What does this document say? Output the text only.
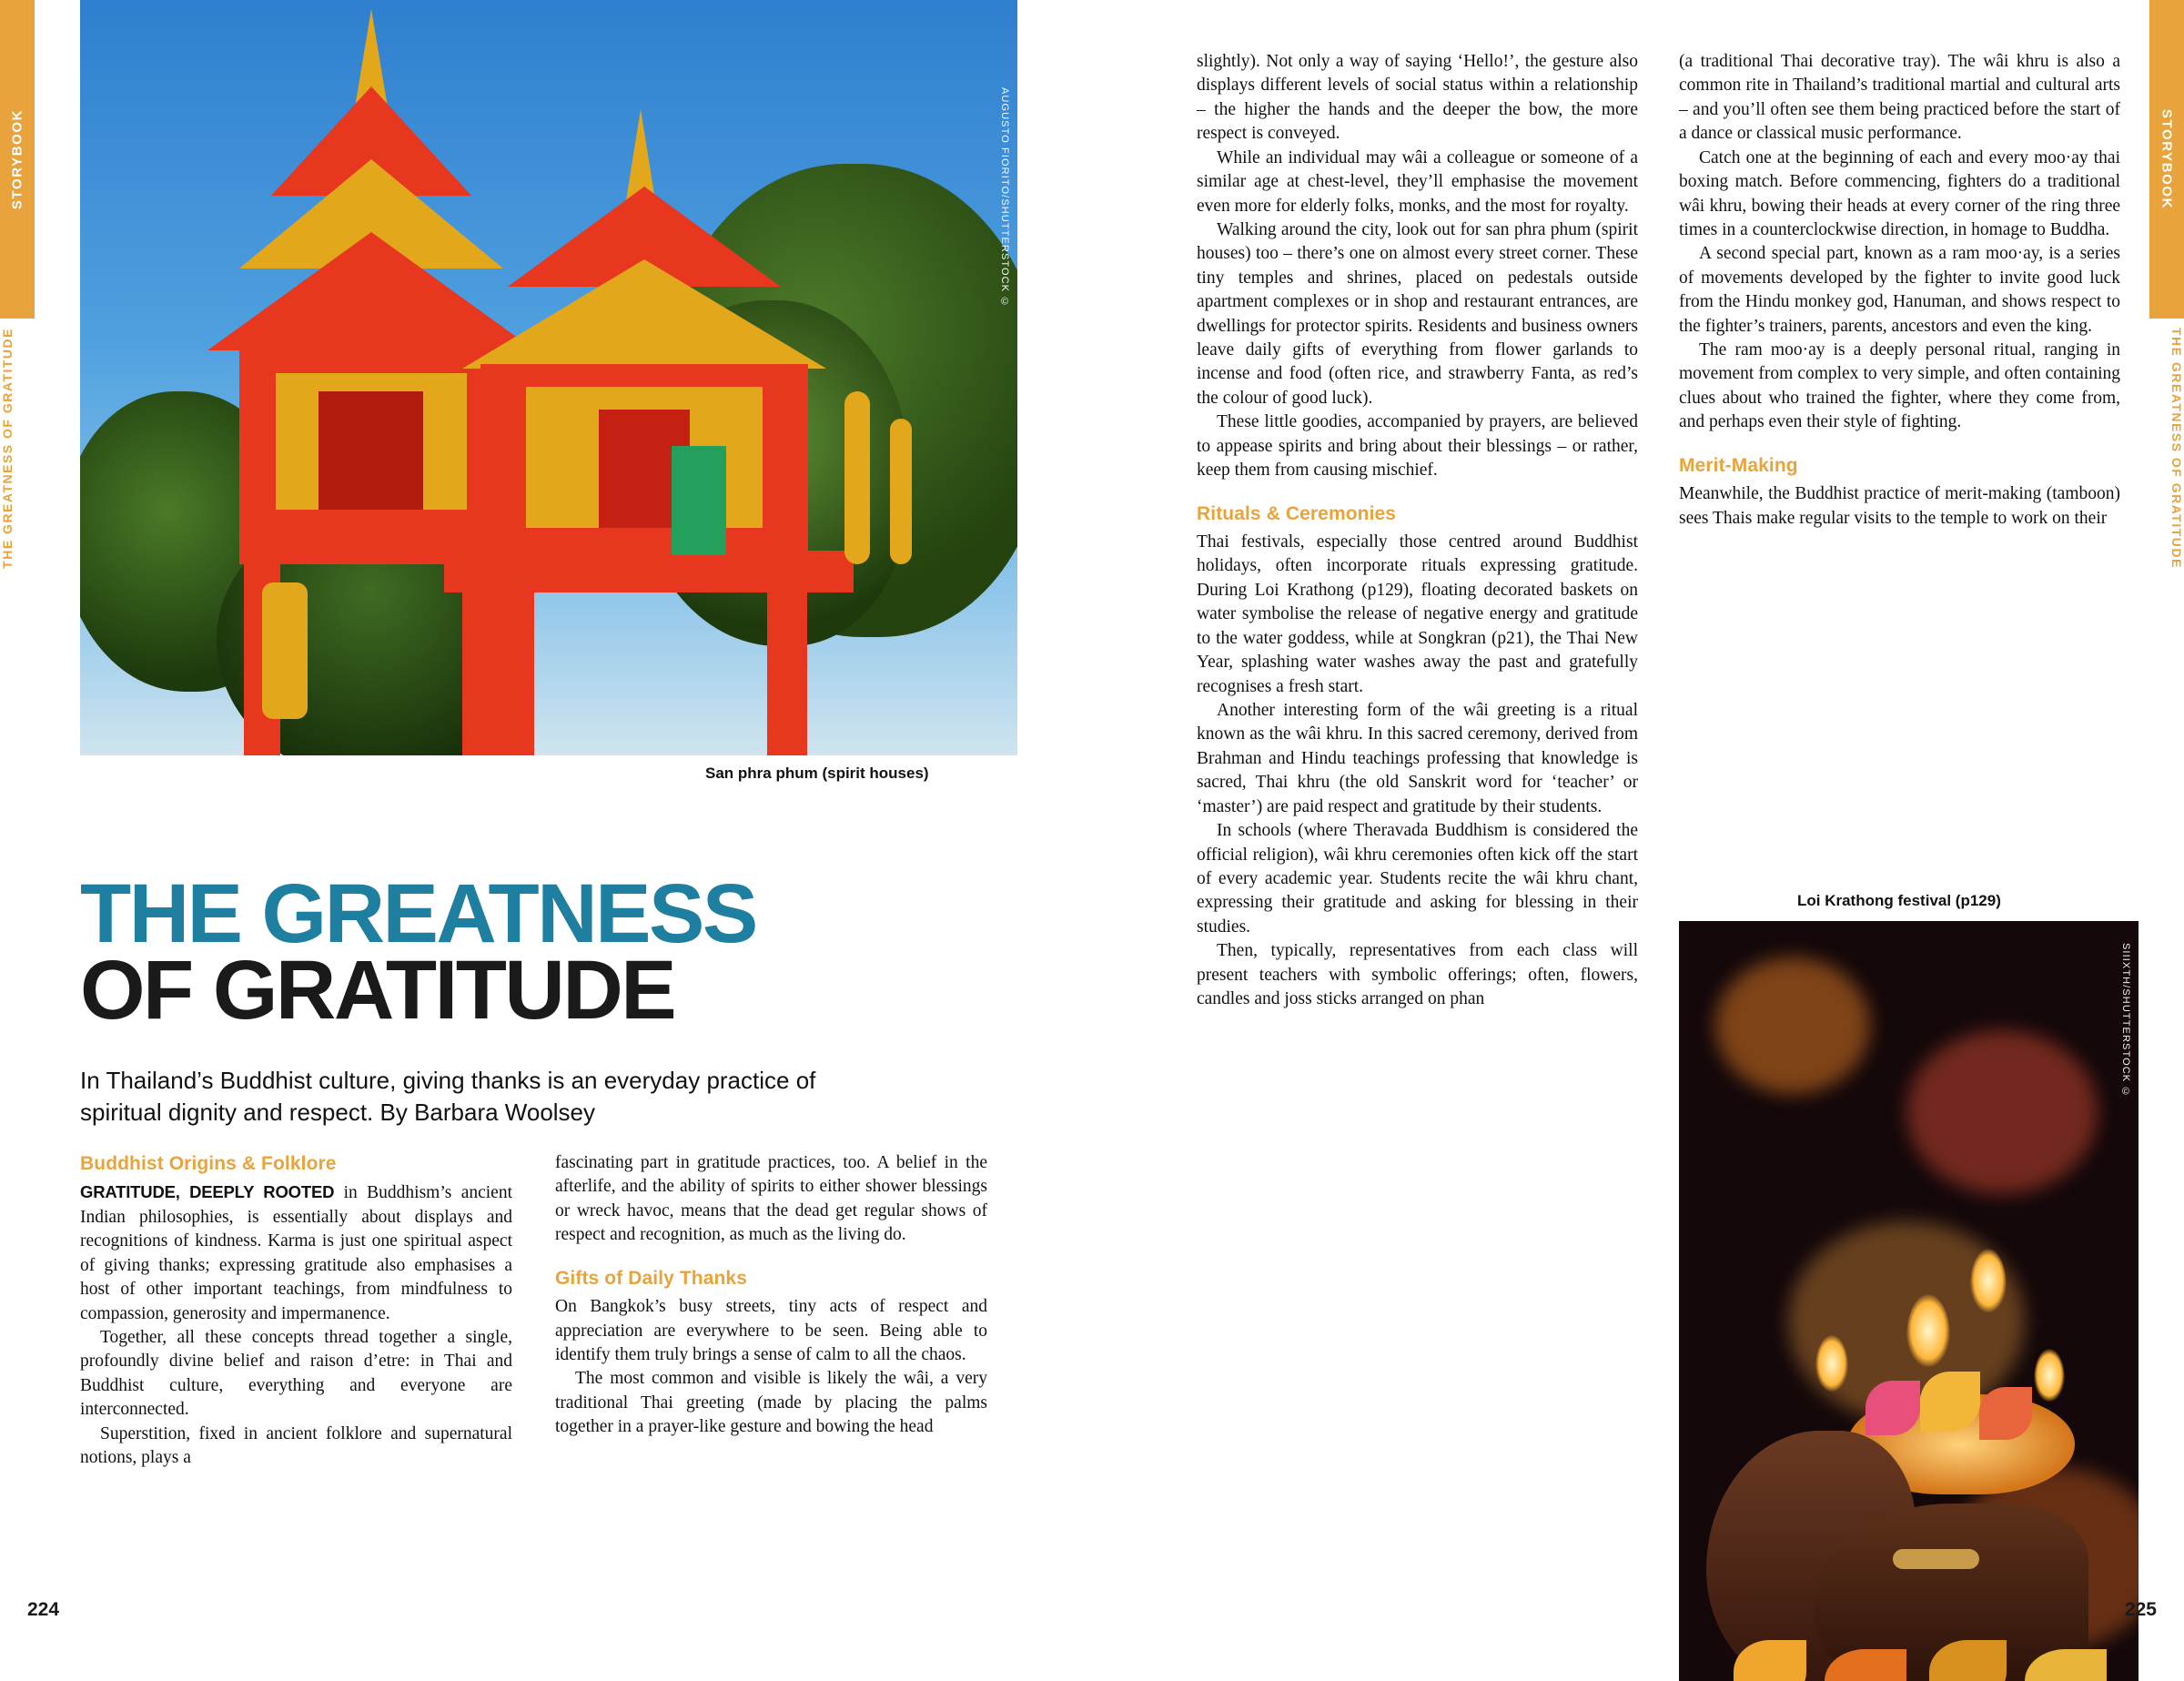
STORYBOOK
THE GREATNESS OF GRATITUDE
AUGUSTO FIORITO/SHUTTERSTOCK ©
San phra phum (spirit houses)
THE GREATNESS
OF GRATITUDE
In Thailand’s Buddhist culture, giving thanks is an everyday practice of spiritual dignity and respect. By Barbara Woolsey
Buddhist Origins & Folklore

GRATITUDE, DEEPLY ROOTED in Buddhism’s ancient Indian philosophies, is essentially about displays and recognitions of kindness. Karma is just one spiritual aspect of giving thanks; expressing gratitude also emphasises a host of other important teachings, from mindfulness to compassion, generosity and impermanence.

Together, all these concepts thread together a single, profoundly divine belief and raison d’etre: in Thai and Buddhist culture, everything and everyone are interconnected.

Superstition, fixed in ancient folklore and supernatural notions, plays a

fascinating part in gratitude practices, too. A belief in the afterlife, and the ability of spirits to either shower blessings or wreck havoc, means that the dead get regular shows of respect and recognition, as much as the living do.

Gifts of Daily Thanks

On Bangkok’s busy streets, tiny acts of respect and appreciation are everywhere to be seen. Being able to identify them truly brings a sense of calm to all the chaos.

The most common and visible is likely the wâi, a very traditional Thai greeting (made by placing the palms together in a prayer-like gesture and bowing the head

224
STORYBOOK
THE GREATNESS OF GRATITUDE

slightly). Not only a way of saying ‘Hello!’, the gesture also displays different levels of social status within a relationship – the higher the hands and the deeper the bow, the more respect is conveyed.

While an individual may wâi a colleague or someone of a similar age at chest-level, they’ll emphasise the movement even more for elderly folks, monks, and the most for royalty.

Walking around the city, look out for san phra phum (spirit houses) too – there’s one on almost every street corner. These tiny temples and shrines, placed on pedestals outside apartment complexes or in shop and restaurant entrances, are dwellings for protector spirits. Residents and business owners leave daily gifts of everything from flower garlands to incense and food (often rice, and strawberry Fanta, as red’s the colour of good luck).

These little goodies, accompanied by prayers, are believed to appease spirits and bring about their blessings – or rather, keep them from causing mischief.

Rituals & Ceremonies

Thai festivals, especially those centred around Buddhist holidays, often incorporate rituals expressing gratitude. During Loi Krathong (p129), floating decorated baskets on water symbolise the release of negative energy and gratitude to the water goddess, while at Songkran (p21), the Thai New Year, splashing water washes away the past and gratefully recognises a fresh start.

Another interesting form of the wâi greeting is a ritual known as the wâi khru. In this sacred ceremony, derived from Brahman and Hindu teachings professing that knowledge is sacred, Thai khru (the old Sanskrit word for ‘teacher’ or ‘master’) are paid respect and gratitude by their students.

In schools (where Theravada Buddhism is considered the official religion), wâi khru ceremonies often kick off the start of every academic year. Students recite the wâi khru chant, expressing their gratitude and asking for blessing in their studies.

Then, typically, representatives from each class will present teachers with symbolic offerings; often, flowers, candles and joss sticks arranged on phan

(a traditional Thai decorative tray). The wâi khru is also a common rite in Thailand’s traditional martial and cultural arts – and you’ll often see them being practiced before the start of a dance or classical music performance.

Catch one at the beginning of each and every moo·ay thai boxing match. Before commencing, fighters do a traditional wâi khru, bowing their heads at every corner of the ring three times in a counterclockwise direction, in homage to Buddha.

A second special part, known as a ram moo·ay, is a series of movements developed by the fighter to invite good luck from the Hindu monkey god, Hanuman, and shows respect to the fighter’s trainers, parents, ancestors and even the king.

The ram moo·ay is a deeply personal ritual, ranging in movement from complex to very simple, and often containing clues about who trained the fighter, where they come from, and perhaps even their style of fighting.

Merit-Making

Meanwhile, the Buddhist practice of merit-making (tamboon) sees Thais make regular visits to the temple to work on their

Loi Krathong festival (p129)
SIIIXTH/SHUTTERSTOCK ©
225
